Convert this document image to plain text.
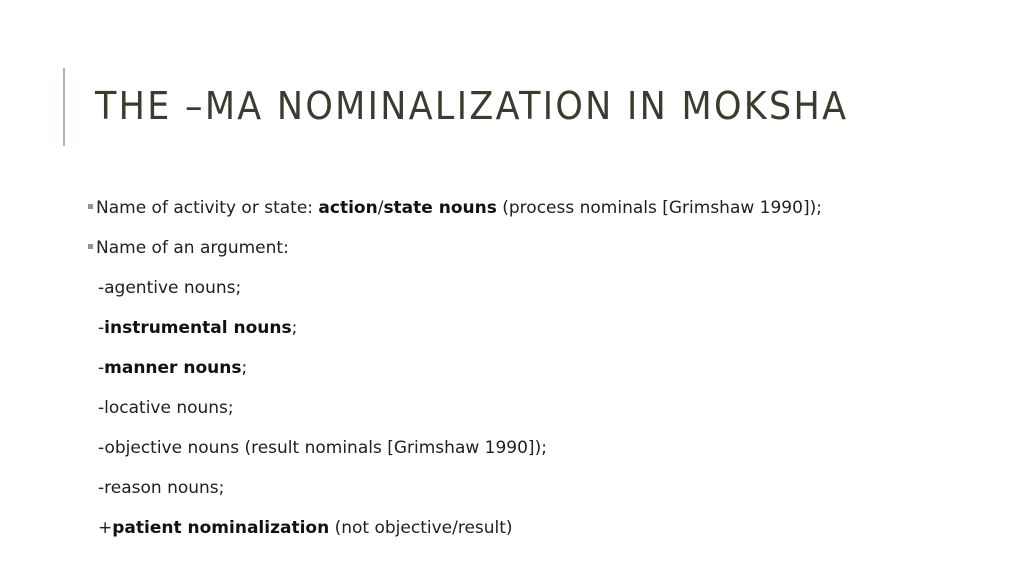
THE –MA NOMINALIZATION IN MOKSHA
Name of activity or state: action/state nouns (process nominals [Grimshaw 1990]);
Name of an argument:
-agentive nouns;
-instrumental nouns;
-manner nouns;
-locative nouns;
-objective nouns (result nominals [Grimshaw 1990]);
-reason nouns;
+patient nominalization (not objective/result)
